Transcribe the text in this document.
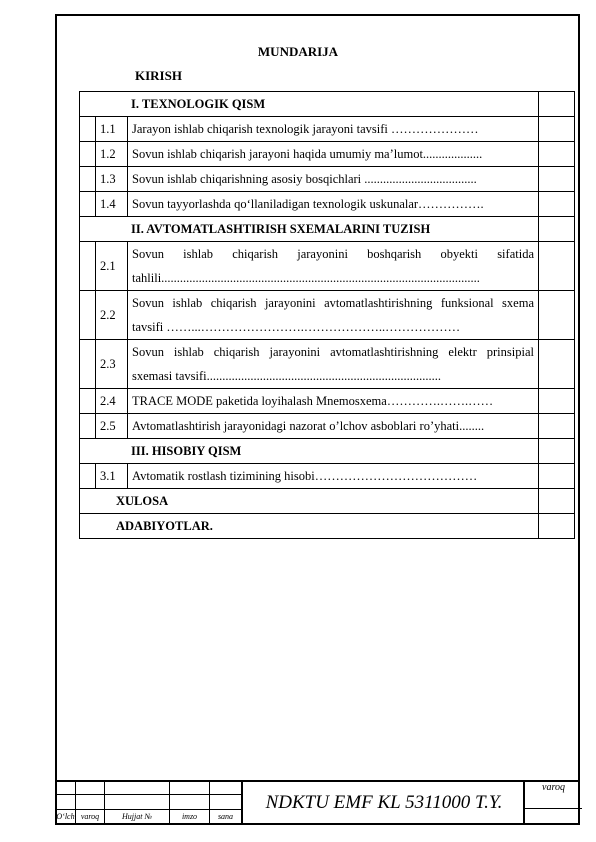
MUNDARIJA
KIRISH
I. TEXNOLOGIK QISM			
	1.1	Jarayon ishlab chiqarish texnologik jarayoni tavsifi …………………	
	1.2	Sovun ishlab chiqarish jarayoni haqida umumiy ma’lumot...................	
	1.3	Sovun ishlab chiqarishning asosiy bosqichlari ....................................	
	1.4	Sovun tayyorlashda qo‘llaniladigan texnologik uskunalar…………….	
II. AVTOMATLASHTIRISH SXEMALARINI TUZISH			
	2.1	Sovun ishlab chiqarish jarayonini boshqarish obyekti sifatida tahlili......................................................................................................	
	2.2	Sovun ishlab chiqarish jarayonini avtomatlashtirishning funksional sxema tavsifi ……...…………………….………………..………………	
	2.3	Sovun ishlab chiqarish jarayonini avtomatlashtirishning elektr prinsipial sxemasi tavsifi...........................................................................	
	2.4	TRACE MODE paketida loyihalash Mnemosxema………….…….……	
	2.5	Avtomatlashtirish jarayonidagi nazorat o’lchov asboblari ro’yhati........	
III. HISOBIY QISM			
	3.1	Avtomatik rostlash tizimining hisobi…………………………………	
XULOSA			
ADABIYOTLAR.			

O‘lch	varoq	Hujjat №	imzo	sana
NDKTU EMF KL 5311000 T.Y.
varoq
